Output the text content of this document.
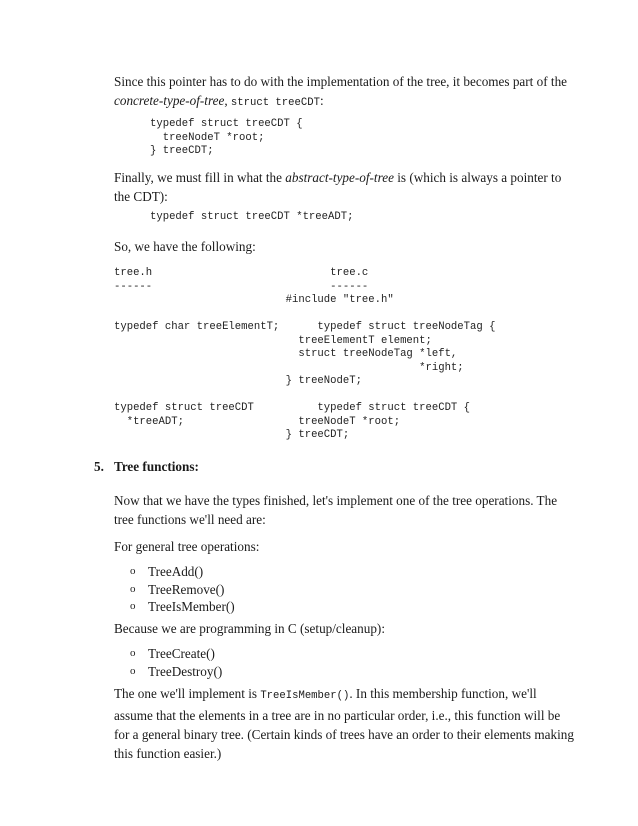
Since this pointer has to do with the implementation of the tree, it becomes part of the concrete-type-of-tree, struct treeCDT:

typedef struct treeCDT {
treeNodeT *root;
} treeCDT;

Finally, we must fill in what the abstract-type-of-tree is (which is always a pointer to the CDT):

typedef struct treeCDT *treeADT;

So, we have the following:

tree.h                            tree.c
------                            ------
#include "tree.h"

typedef char treeElementT;      typedef struct treeNodeTag {
treeElementT element;
struct treeNodeTag *left,
*right;
} treeNodeT;

typedef struct treeCDT          typedef struct treeCDT {
*treeADT;                  treeNodeT *root;
} treeCDT;

5. Tree functions:

Now that we have the types finished, let's implement one of the tree operations. The tree functions we'll need are:

For general tree operations:

o TreeAdd()
o TreeRemove()
o TreeIsMember()

Because we are programming in C (setup/cleanup):

o TreeCreate()
o TreeDestroy()

The one we'll implement is TreeIsMember(). In this membership function, we'll assume that the elements in a tree are in no particular order, i.e., this function will be for a general binary tree. (Certain kinds of trees have an order to their elements making this function easier.)
